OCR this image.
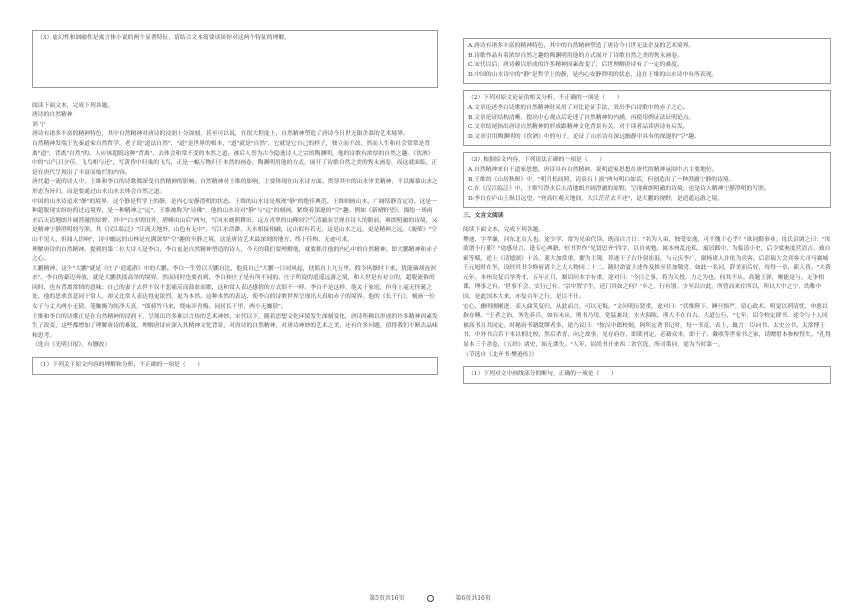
（3）虚幻性和讽喻性是寓言体小说的两个显著特征，请结合文本简要谈谈你对这两个特征的理解。

阅读下面文本，完成下列各题。

唐诗的自然精神

刘 宁

唐诗有诸多丰富的精神特色，其中自然精神对唐诗的浸润十分深刻，甚至可以说，在很大程度上，自然精神塑造了唐诗今日世无限企慕的艺术境界。

自然精神发端于先秦道家自然哲学，老子说"道法自然"，"道"是世界的根本，"道"就是"自然"，它就是它自己的样子，独立而不改。然而人生和社会常常是背离"道"，背离"自然"的。人应该超脱这种"背离"，去体会和常不变的本然之道。被后人誉为古今隐逸诗人之宗的陶渊明，他的诗歌有浓厚的自然之趣。《饮酒》中的"山气日夕佳，飞鸟相与还"，写黄昏中归巢的飞鸟，正是一幅万物归于本然的画卷。陶渊明用他的方式，展开了诗歌自然之美的隽永画卷，而这就面临，正是在唐代呈现出了丰富而灿烂的内容。

唐代超一流的诗人中，王维和李白的诗歌都深受自然精神的影响。自然精神对王维的影响，主要体现在山水诗方面。贯穿其中的山水审美精神，不以描摹山水之形态为旨归，而是要通过山水山水去体会自然之道。

中国的山水诗追求"静"的境界，这个静是哲学上的静，是内心安静澄明的状态。王维的山水诗是规现"静"的绝佳典范。王维则画山水，广阔恬静肯定诗。这是一种超脱现实纷纷的过远境界，是一种精神之"远"。王维被称为"诗佛"，他的山水诗对"静"与"远"的刻画，紧绕着深邃的"空"趣。例如《新晴野望》，描绘一场雨水后天清地朗开阔澄澈的原野，其中"白水明田外，碧峰出山后"两句，写河水映照耕田，远方青翠的山峰因空气清澈而呈现在诗人的眼前，爽朗明澈的诗境，又是精神宁静澄明的写照。其《汉江临泛》"江流天地外，山色有无中"，写江水浩渺，天水相接相融，远山似有若无，这是山水之远，更是精神之远。《鹿柴》"空山不见人，但闻人语响"，诗中幽远的山林是充满深厚"空"趣的至静之境，这是唐诗艺术最深刻的地方，终于佳构，无迹可求。

理解唐诗的自然精神，提到的第二位大诗人是李白，李白更是自然精神塑造的诗人，今天的我们要理解他，就要抓住他的内心中的自然精神。即大鹏精神和赤子之心。

大鹏精神，这个"大鹏"就是《庄子·逍遥游》中的大鹏。李白一生曾以大鹏自比，他说自己"大鹏一日同风起，扶摇直上九万里。假令风歇时下来，犹能簸却沧溟水"。李白的豪迈奔放，就是大鹏扶摇高举的境界。然而同时也要看到，李白和庄子是有所不同的。庄子所说的逍遥远游之境，和人世是有对立的，超脱流俗的同时，也有背离常情的意味；自己的妻子去世不仅不悲痛反而鼓盆而歌，这和常人表达感情的方式很不一样。李白不是这样，他关于家庭，但身上毫无怪诞之处，他的思欢喜悲同于常人，却又比常人表达得更浓烈，更为本然。这种本然的表达，使李白的诗歌世界呈现出天真如赤子的境界。他的《长干行》，刻画一位女子与丈夫两小无猜，笔触极为纯净天真，"郎骑竹马来，绕床弄青梅。同居长干里，两小无嫌猜"。

王维和李白的诗歌正是在自然精神的浸润下，呈现出许多难以言传的艺术神妙。宋代以下，随着思想文化环境发生深刻变化，唐诗所赖以形成的许多精神因素发生了改变，这些都增加了理解唐诗的难度。理解唐诗应深入其精神文化背景，对唐诗的自然精神，对唐诗神妙的艺术之美，还有许多问题，值得我们不断去品味和思考。

（选自《光明日报》，有删改）

（1）下列关于原文内容的理解和分析，不正确的一项是（　　）

A.唐诗有诸多丰富的精神特色，其中的自然精神塑造了唐诗今日世无法企及的艺术境界。

B.诗歌作品有着浓厚自然之趣的陶渊明用他的方式展开了诗歌自然之美的隽永画卷。

C.宋代以后，唐诗赖以形成的许多精神因素改变了，后世理解唐诗有了一定的难度。

D.中国的山水诗中的"静"是哲学上的静，是内心安静澄明的状态，这在王维的山水诗中有所表现。

（2）下列对原文论证的相关分析，不正确的一项是（　　）

A.文章论述李白诗歌的自然精神时采用了对比论证手法，突出李白诗歌中的赤子之心。

B.文章论证结构清晰，提出中心观点后论述了自然精神的内涵，再使用例证法证明论点。

C.文章结尾指出唐诗自然精神的形成跟精神文化背景有关，对于读者品读唐诗有启发。

D.文章引用陶渊明的《饮酒》中的句子，论证了山水诗在深远幽静中具有的深邃的"空"趣。

（3）根据原文内容，下列说法正确的一项是（　　）

A.自然精神来自于道家思想，唐诗具有自然精神，说明道家思想在唐代的精神氛围中占主要地位。

B.王维的《山居秋暝》中，"明月松间照，清泉石上流"两句明白如话，但创造出了一种澄澈宁静的诗境。

C.在《汉江临泛》中，王维写澄水后天清地朗开阔澄澈的原野，呈现爽朗明澈的诗境，也是诗人精神宁静澄明的写照。

D.李白在庐山上纵目远望，"登高壮观天地间，大江茫茫去不还"，是大鹏的视野，是逍遥远游之境。

三、文言文阅读

阅读下面文本，完成下列各题。

樊迪，字孝谦，河东北贡人也。途少学，常为兄弟代读。既而自言曰："名为人弟，独受安逸，可不愧于心乎？"欲同勤事业。母氏哀调之曰："汝欲谱小行耶？"途感母言，逢专心典籍，恒书世作"见贤思齐"四字，以自劝勉。属本州乱论私，寓居邺中，为临清小史，后令梁奥度营清吉，致自索等赋，逆上《清德颂》十首。萧大加赏重，擢为主簿，荐遂于子右仆射崔混，与元庆李广，谢杨诸人并依为宾客。后彭瑞大会宾客大司马襄城王元旭时在坐，设经其书令修府诸主之大人物同二十二，随时命宴主述作及推至甚加敬喜，如此一名词，辞美而后好，每得一章，新人皆。"夫我元年，本州岛复召举秀才，五年正月，制诏问本字有重，途对曰：'今日之事，将为天授，力之为也，何其不从。高题王弹，喉能是与。无争相谍，理事之有。'世事不会，实行已有。'宗中置宇生，还门其如之何？'卒之，行有别。少至以自此，所曾而来往所以，所以大中之宁，幼稚中国，是此国本大来，亦复百年之行，是以不仕。

宏心，幽明刚刚进，表人曲笑复归，从此而言，可以无悔。"文问明历贤重，途对曰："伏惟陛下，睡旦惧严，留心政术，明觉以刑清忧，申恩以指存睡。"王者之治，务先养兵，如有未从，刑书乃用，宽猛兼设，水火俱陈，刑大不在自古。大道公行，"七年，诏令校定群书，途令与十人同被高书且共同定。时秘府书籍纰缪者多，途乃议曰："按汉中郎校刻，阿所定著书记时，每一书竟，表上，辄言：臣向书、太史公书、太常博士书，中外书合若干本以相比校，然后杀青，向之故事，见存府存，即欲刊定，必藉众本，即于子、戴收等世家书之家，请赠借本参校得失。"孔得显本三千余卷，《五经》诸史，始无谬失。"人年，诏尚书开来西二省官选，所司策问，途为当时第一。

（节选自《北齐书·樊逊传》）

（1）下列对文中画线部分的断句，正确的一项是（　　）
第5页共16页	第6页共16页
